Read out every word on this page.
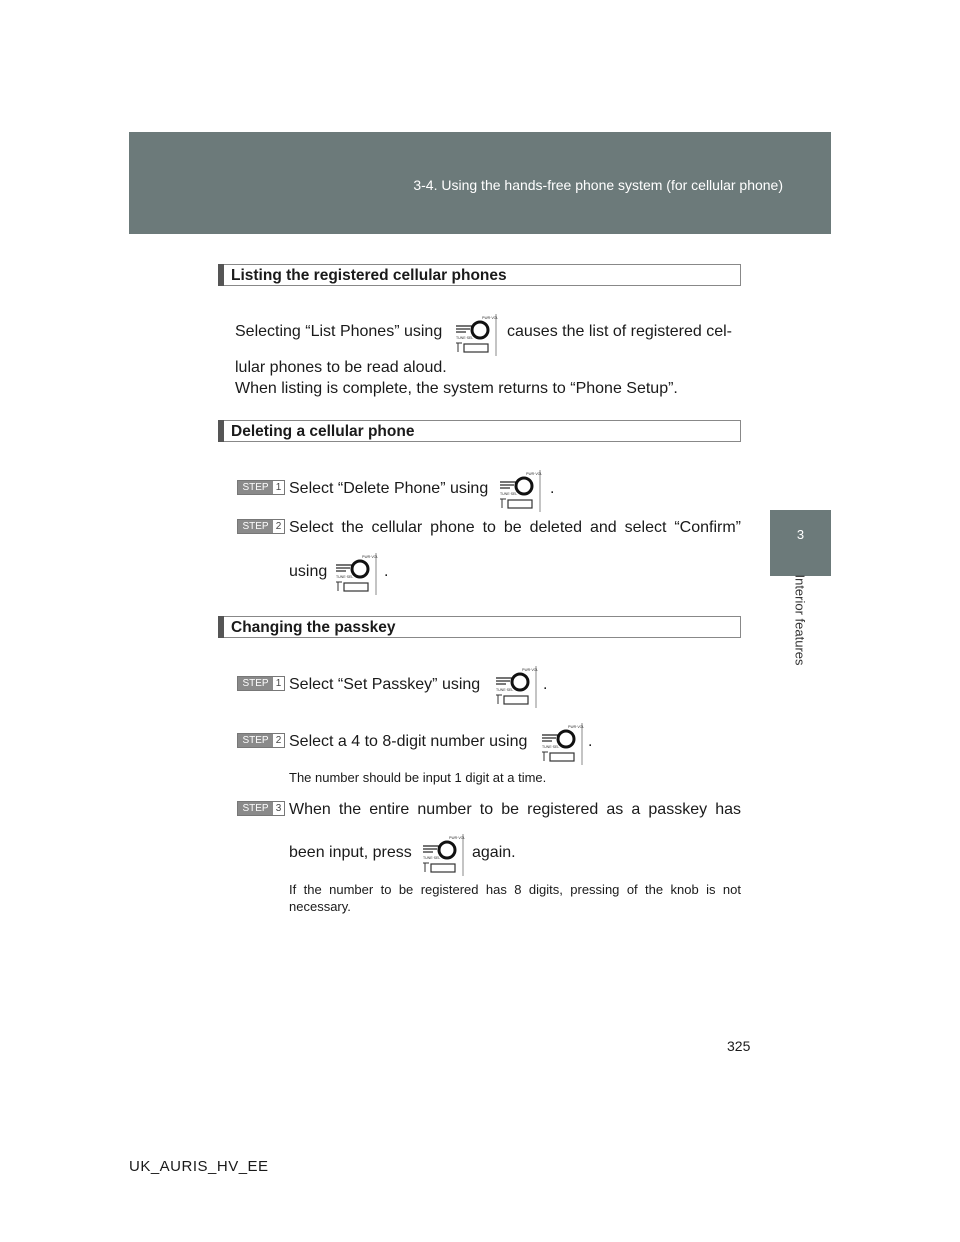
3-4. Using the hands-free phone system (for cellular phone)
3
Interior features
Listing the registered cellular phones
Selecting “List Phones” using	causes the list of registered cel-
lular phones to be read aloud.
When listing is complete, the system returns to “Phone Setup”.
Deleting a cellular phone
STEP 1 Select “Delete Phone” using	.
STEP 2 Select the cellular phone to be deleted and select “Confirm”
using	.
Changing the passkey
STEP 1 Select “Set Passkey” using	.
STEP 2 Select a 4 to 8-digit number using	.
The number should be input 1 digit at a time.
STEP 3 When the entire number to be registered as a passkey has
been input, press	again.
If the number to be registered has 8 digits, pressing of the knob is not necessary.
325
UK_AURIS_HV_EE
